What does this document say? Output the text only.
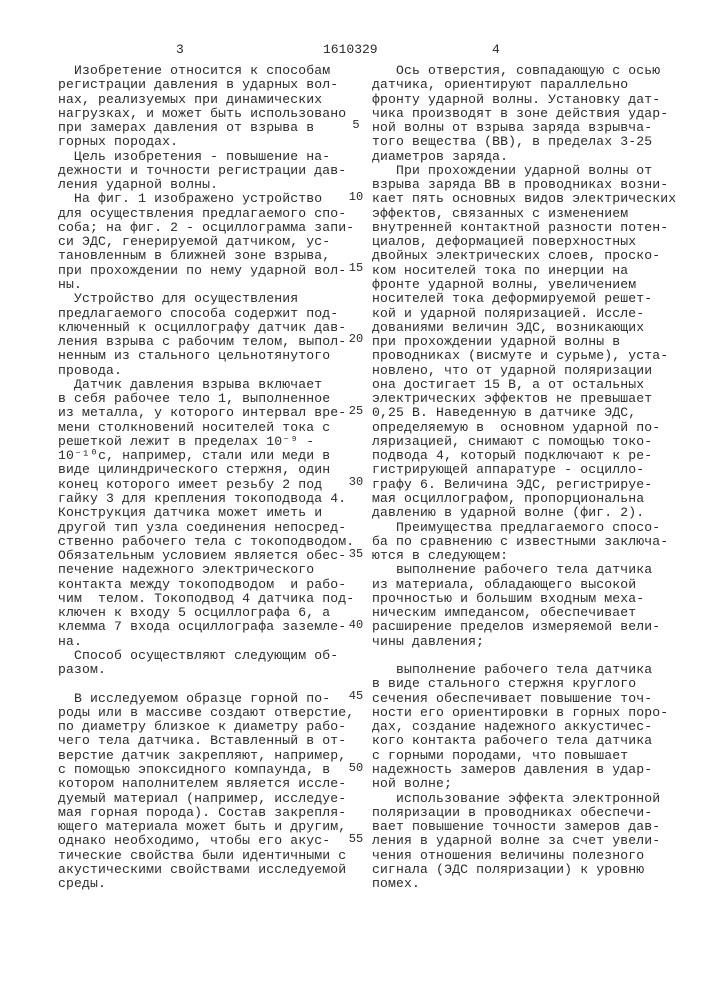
3	1610329	4
Изобретение относится к способам
регистрации давления в ударных вол-
нах, реализуемых при динамических
нагрузках, и может быть использовано
при замерах давления от взрыва в
горных породах.
Цель изобретения - повышение на-
дежности и точности регистрации дав-
ления ударной волны.
На фиг. 1 изображено устройство
для осуществления предлагаемого спо-
соба; на фиг. 2 - осциллограмма запи-
си ЭДС, генерируемой датчиком, ус-
тановленным в ближней зоне взрыва,
при прохождении по нему ударной вол-
ны.
Устройство для осуществления
предлагаемого способа содержит под-
ключенный к осциллографу датчик дав-
ления взрыва с рабочим телом, выпол-
ненным из стального цельнотянутого
провода.
Датчик давления взрыва включает
в себя рабочее тело 1, выполненное
из металла, у которого интервал вре-
мени столкновений носителей тока с
решеткой лежит в пределах 10⁻⁹ -
10⁻¹⁰с, например, стали или меди в
виде цилиндрического стержня, один
конец которого имеет резьбу 2 под
гайку 3 для крепления токоподвода 4.
Конструкция датчика может иметь и
другой тип узла соединения непосред-
ственно рабочего тела с токоподводом.
Обязательным условием является обес-
печение надежного электрического
контакта между токоподводом  и рабо-
чим  телом. Токоподвод 4 датчика под-
ключен к входу 5 осциллографа 6, а
клемма 7 входа осциллографа заземле-
на.
Способ осуществляют следующим об-
разом.
В исследуемом образце горной по-
роды или в массиве создают отверстие,
по диаметру близкое к диаметру рабо-
чего тела датчика. Вставленный в от-
верстие датчик закрепляют, например,
с помощью эпоксидного компаунда, в
котором наполнителем является иссле-
дуемый материал (например, исследуе-
мая горная порода). Состав закрепля-
ющего материала может быть и другим,
однако необходимо, чтобы его акус-
тические свойства были идентичными с
акустическими свойствами исследуемой
среды.
Ось отверстия, совпадающую с осью
датчика, ориентируют параллельно
фронту ударной волны. Установку дат-
чика производят в зоне действия удар-
ной волны от взрыва заряда взрывча-
того вещества (ВВ), в пределах 3-25
диаметров заряда.
При прохождении ударной волны от
взрыва заряда ВВ в проводниках возни-
кает пять основных видов электрических
эффектов, связанных с изменением
внутренней контактной разности потен-
циалов, деформацией поверхностных
двойных электрических слоев, проско-
ком носителей тока по инерции на
фронте ударной волны, увеличением
носителей тока деформируемой решет-
кой и ударной поляризацией. Иссле-
дованиями величин ЭДС, возникающих
при прохождении ударной волны в
проводниках (висмуте и сурьме), уста-
новлено, что от ударной поляризации
она достигает 15 В, а от остальных
электрических эффектов не превышает
0,25 В. Наведенную в датчике ЭДС,
определяемую в  основном ударной по-
ляризацией, снимают с помощью токо-
подвода 4, который подключают к ре-
гистрирующей аппаратуре - осцилло-
графу 6. Величина ЭДС, регистрируе-
мая осциллографом, пропорциональна
давлению в ударной волне (фиг. 2).
Преимущества предлагаемого спосо-
ба по сравнению с известными заключа-
ются в следующем:
выполнение рабочего тела датчика
из материала, обладающего высокой
прочностью и большим входным меха-
ническим импедансом, обеспечивает
расширение пределов измеряемой вели-
чины давления;
выполнение рабочего тела датчика
в виде стального стержня круглого
сечения обеспечивает повышение точ-
ности его ориентировки в горных поро-
дах, создание надежного аккустичес-
кого контакта рабочего тела датчика
с горными породами, что повышает
надежность замеров давления в удар-
ной волне;
использование эффекта электронной
поляризации в проводниках обеспечи-
вает повышение точности замеров дав-
ления в ударной волне за счет увели-
чения отношения величины полезного
сигнала (ЭДС поляризации) к уровню
помех.
5
10
15
20
25
30
35
40
45
50
55
